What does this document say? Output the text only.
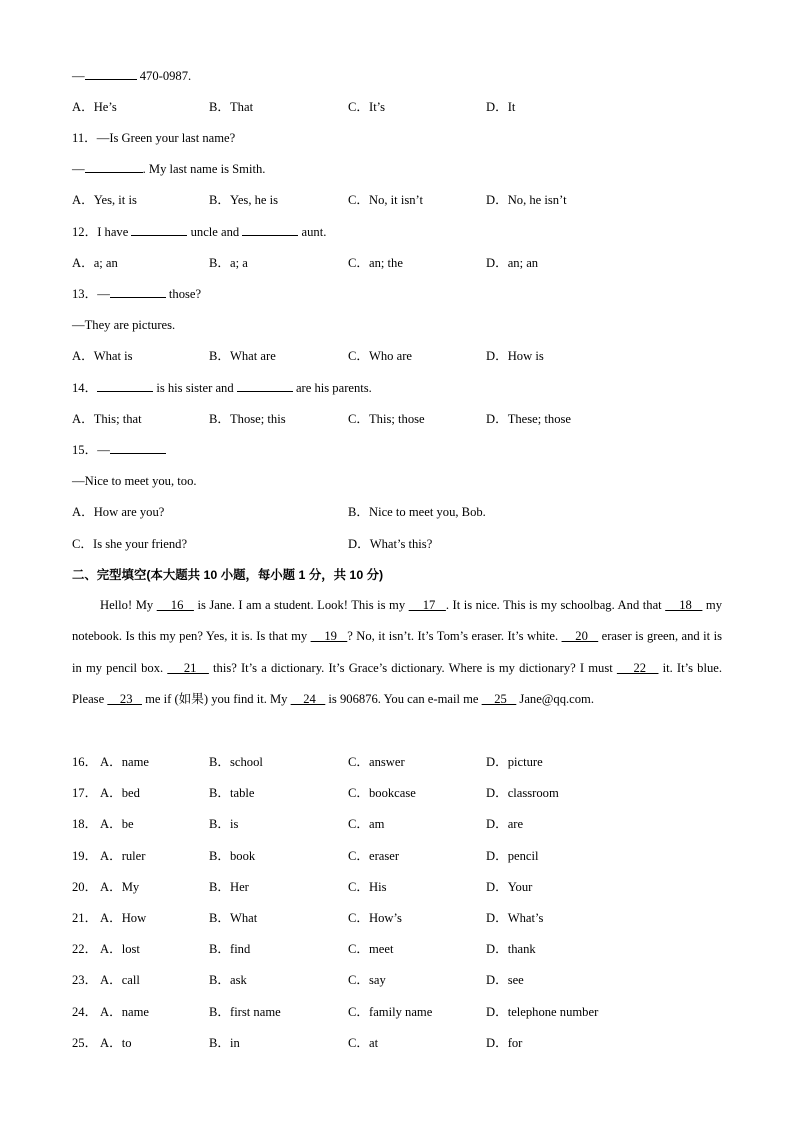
—	470-0987.
A．He’s	B．That	C．It’s	D．It
11．—Is Green your last name?
—	. My last name is Smith.
A．Yes, it is	B．Yes, he is	C．No, it isn’t	D．No, he isn’t
12．I have	uncle and	aunt.
A．a; an	B．a; a	C．an; the	D．an; an
13．—	those?
—They are pictures.
A．What is	B．What are	C．Who are	D．How is
14．	is his sister and	are his parents.
A．This; that	B．Those; this	C．This; those	D．These; those
15．—
—Nice to meet you, too.
A．How are you?	B．Nice to meet you, Bob.
C．Is she your friend?	D．What’s this?
二、完型填空(本大题共 10 小题，每小题 1 分，共 10 分)
Hello! My     16    is Jane. I am a student. Look! This is my     17   . It is nice. This is my schoolbag. And that     18    my notebook. Is this my pen? Yes, it is. Is that my     19   ? No, it isn’t. It’s Tom’s eraser. It’s white.     20    eraser is green, and it is in my pencil box.     21    this? It’s a dictionary. It’s Grace’s dictionary. Where is my dictionary? I must     22    it. It’s blue. Please     23    me if (如果) you find it. My     24    is 906876. You can e-mail me     25    Jane@qq.com.
16． A．name	B．school	C．answer	D．picture
17． A．bed	B．table	C．bookcase	D．classroom
18． A．be	B．is	C．am	D．are
19． A．ruler	B．book	C．eraser	D．pencil
20． A．My	B．Her	C．His	D．Your
21． A．How	B．What	C．How’s	D．What’s
22． A．lost	B．find	C．meet	D．thank
23． A．call	B．ask	C．say	D．see
24． A．name	B．first name	C．family name	D．telephone number
25． A．to	B．in	C．at	D．for
